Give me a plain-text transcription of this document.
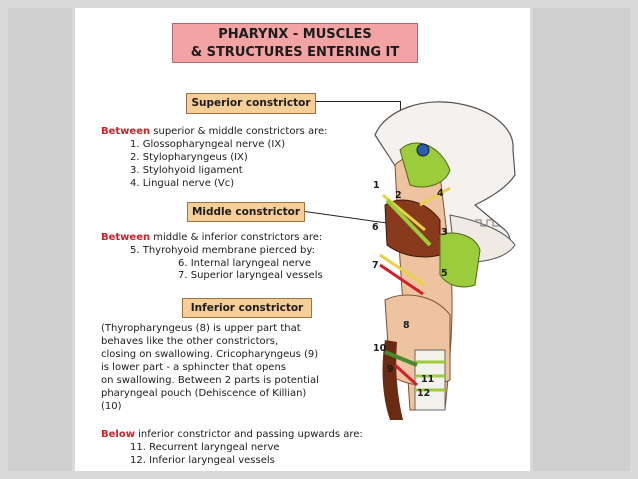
PHARYNX - MUSCLES
& STRUCTURES ENTERING IT
Superior constrictor
Between superior & middle constrictors are:
1. Glossopharyngeal nerve (IX)
2. Stylopharyngeus (IX)
3. Stylohyoid ligament
4. Lingual nerve (Vc)
Middle constrictor
Between middle & inferior constrictors are:
5. Thyrohyoid membrane pierced by:
6. Internal laryngeal nerve
7. Superior laryngeal vessels
Inferior constrictor
(Thyropharyngeus (8) is upper part that
behaves like the other constrictors,
closing on swallowing. Cricopharyngeus (9)
is lower part - a sphincter that opens
on swallowing. Between 2 parts is potential
pharyngeal pouch (Dehiscence of Killian)
(10)
Below inferior constrictor and passing upwards are:
11. Recurrent laryngeal nerve
12. Inferior laryngeal vessels
1
2
3
4
5
6
7
8
9
10
11
12
